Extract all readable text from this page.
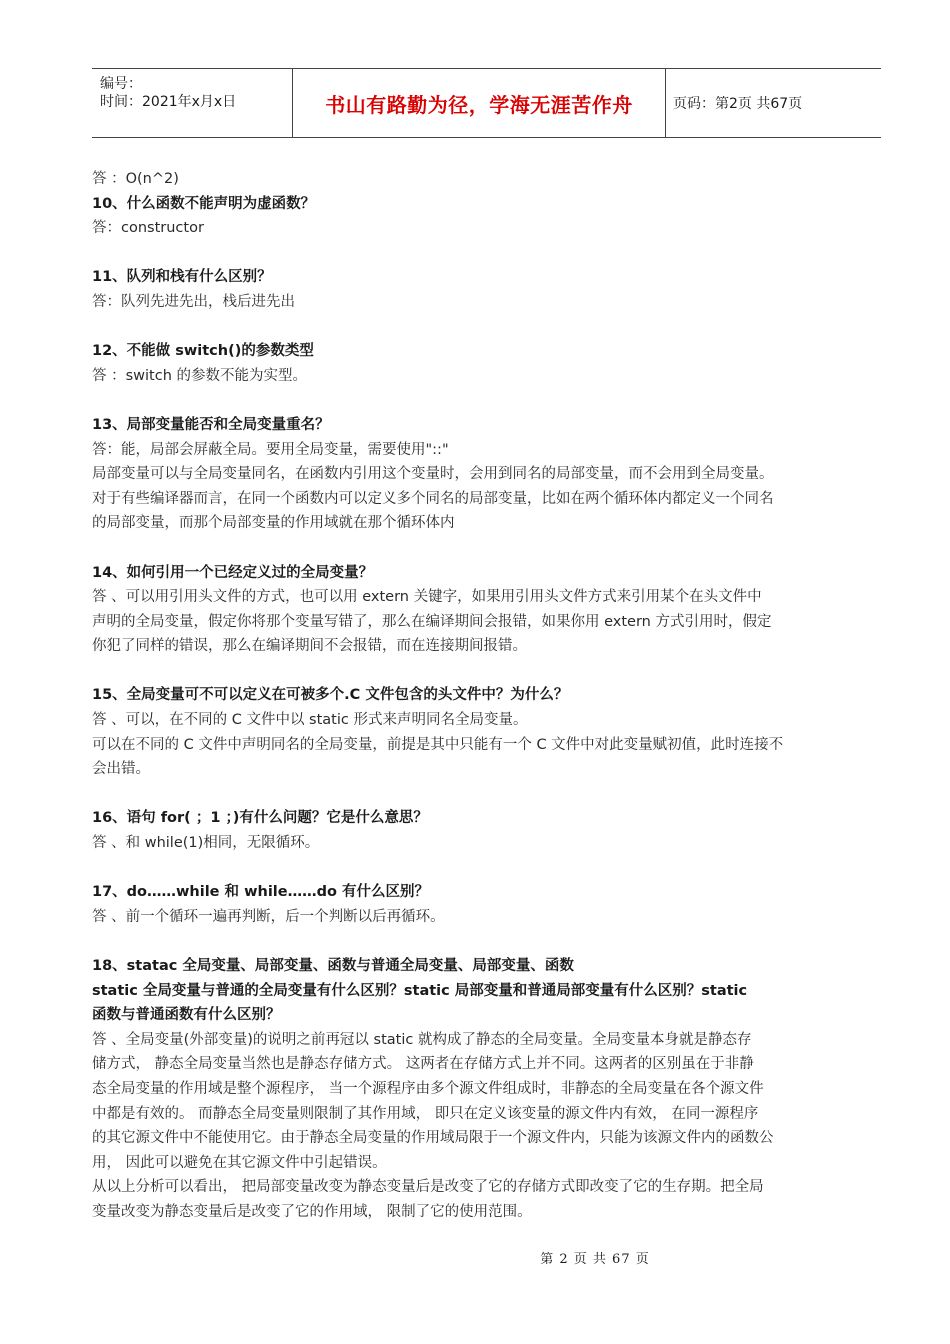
编号：
时间：2021年x月x日	书山有路勤为径，学海无涯苦作舟	页码：第2页 共67页
答 ：O(n^2)
10、什么函数不能声明为虚函数？
答：constructor
11、队列和栈有什么区别？
答：队列先进先出，栈后进先出
12、不能做 switch()的参数类型
答 ：switch 的参数不能为实型。
13、局部变量能否和全局变量重名？
答：能，局部会屏蔽全局。要用全局变量，需要使用"::"
局部变量可以与全局变量同名，在函数内引用这个变量时，会用到同名的局部变量，而不会用到全局变量。
对于有些编译器而言，在同一个函数内可以定义多个同名的局部变量，比如在两个循环体内都定义一个同名
的局部变量，而那个局部变量的作用域就在那个循环体内
14、如何引用一个已经定义过的全局变量？
答 、可以用引用头文件的方式，也可以用 extern 关键字，如果用引用头文件方式来引用某个在头文件中
声明的全局变量，假定你将那个变量写错了，那么在编译期间会报错，如果你用 extern 方式引用时，假定
你犯了同样的错误，那么在编译期间不会报错，而在连接期间报错。
15、全局变量可不可以定义在可被多个.C 文件包含的头文件中？为什么？
答 、可以，在不同的 C 文件中以 static 形式来声明同名全局变量。
可以在不同的 C 文件中声明同名的全局变量，前提是其中只能有一个 C 文件中对此变量赋初值，此时连接不
会出错。
16、语句 for( ；1 ；)有什么问题？它是什么意思？
答 、和 while(1)相同，无限循环。
17、do……while 和 while……do 有什么区别？
答 、前一个循环一遍再判断，后一个判断以后再循环。
18、statac 全局变量、局部变量、函数与普通全局变量、局部变量、函数
static 全局变量与普通的全局变量有什么区别？static 局部变量和普通局部变量有什么区别？static
函数与普通函数有什么区别？
答 、全局变量(外部变量)的说明之前再冠以 static 就构成了静态的全局变量。全局变量本身就是静态存
储方式， 静态全局变量当然也是静态存储方式。 这两者在存储方式上并不同。这两者的区别虽在于非静
态全局变量的作用域是整个源程序， 当一个源程序由多个源文件组成时，非静态的全局变量在各个源文件
中都是有效的。 而静态全局变量则限制了其作用域， 即只在定义该变量的源文件内有效， 在同一源程序
的其它源文件中不能使用它。由于静态全局变量的作用域局限于一个源文件内，只能为该源文件内的函数公
用， 因此可以避免在其它源文件中引起错误。
从以上分析可以看出， 把局部变量改变为静态变量后是改变了它的存储方式即改变了它的生存期。把全局
变量改变为静态变量后是改变了它的作用域， 限制了它的使用范围。
第 2 页 共 67 页
